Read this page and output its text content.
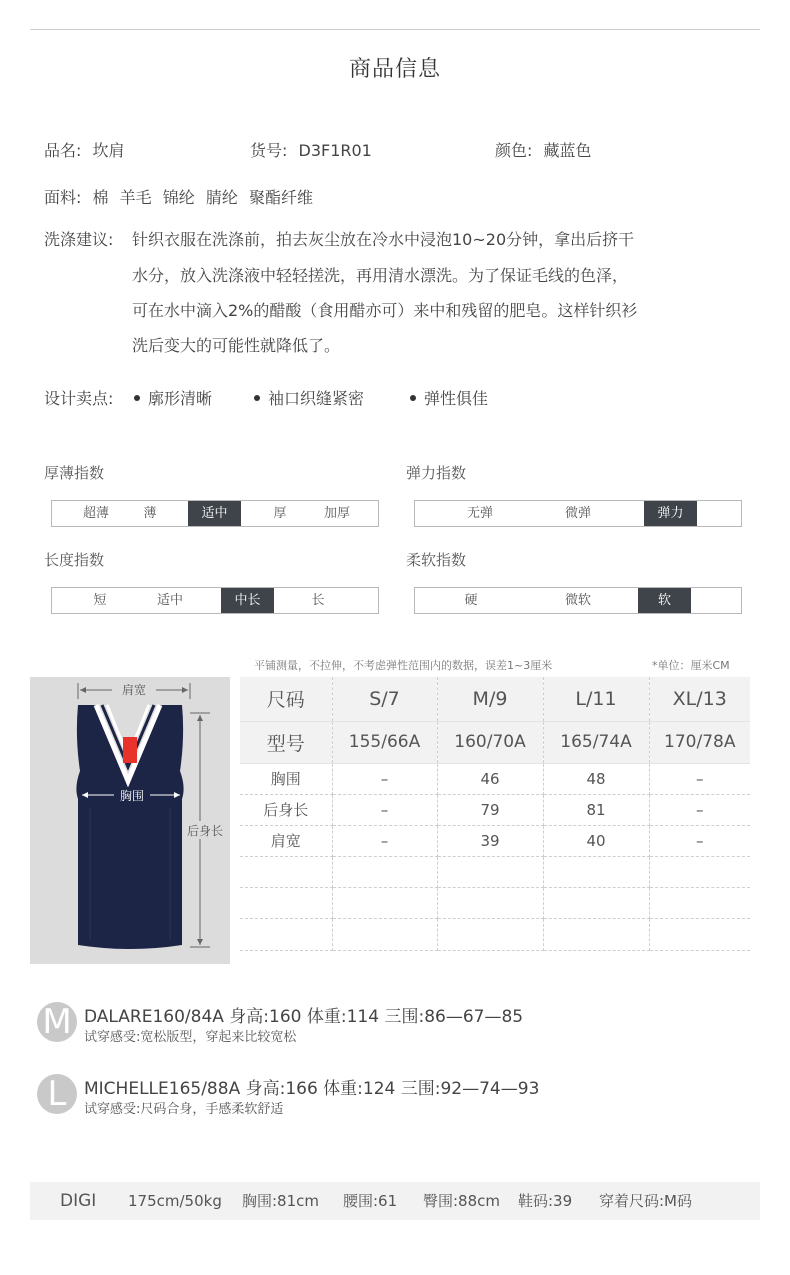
商品信息
品名: 坎肩	货号: D3F1R01	颜色: 藏蓝色
面料: 棉 羊毛 锦纶 腈纶 聚酯纤维
洗涤建议: 针织衣服在洗涤前，拍去灰尘放在冷水中浸泡10~20分钟，拿出后挤干
水分，放入洗涤液中轻轻搓洗，再用清水漂洗。为了保证毛线的色泽，
可在水中滴入2%的醋酸（食用醋亦可）来中和残留的肥皂。这样针织衫
洗后变大的可能性就降低了。
设计卖点:	廓形清晰	袖口织缝紧密	弹性俱佳
厚薄指数	弹力指数
长度指数	柔软指数
超薄	薄	适中	厚	加厚	无弹	微弹	弹力
短	适中	中长	长	硬	微软	软
平铺测量，不拉伸，不考虑弹性范围内的数据，误差1~3厘米	*单位：厘米CM
肩宽
胸围
后身长
尺码	S/7	M/9	L/11	XL/13
型号	155/66A	160/70A	165/74A	170/78A
胸围	–	46	48	–
后身长	–	79	81	–
肩宽	–	39	40	–

M DALARE160/84A 身高:160 体重:114 三围:86—67—85
试穿感受:宽松版型，穿起来比较宽松
L	MICHELLE165/88A 身高:166 体重:124 三围:92—74—93
试穿感受:尺码合身，手感柔软舒适
DIGI 175cm/50kg 胸围:81cm 腰围:61 臀围:88cm 鞋码:39 穿着尺码:M码
